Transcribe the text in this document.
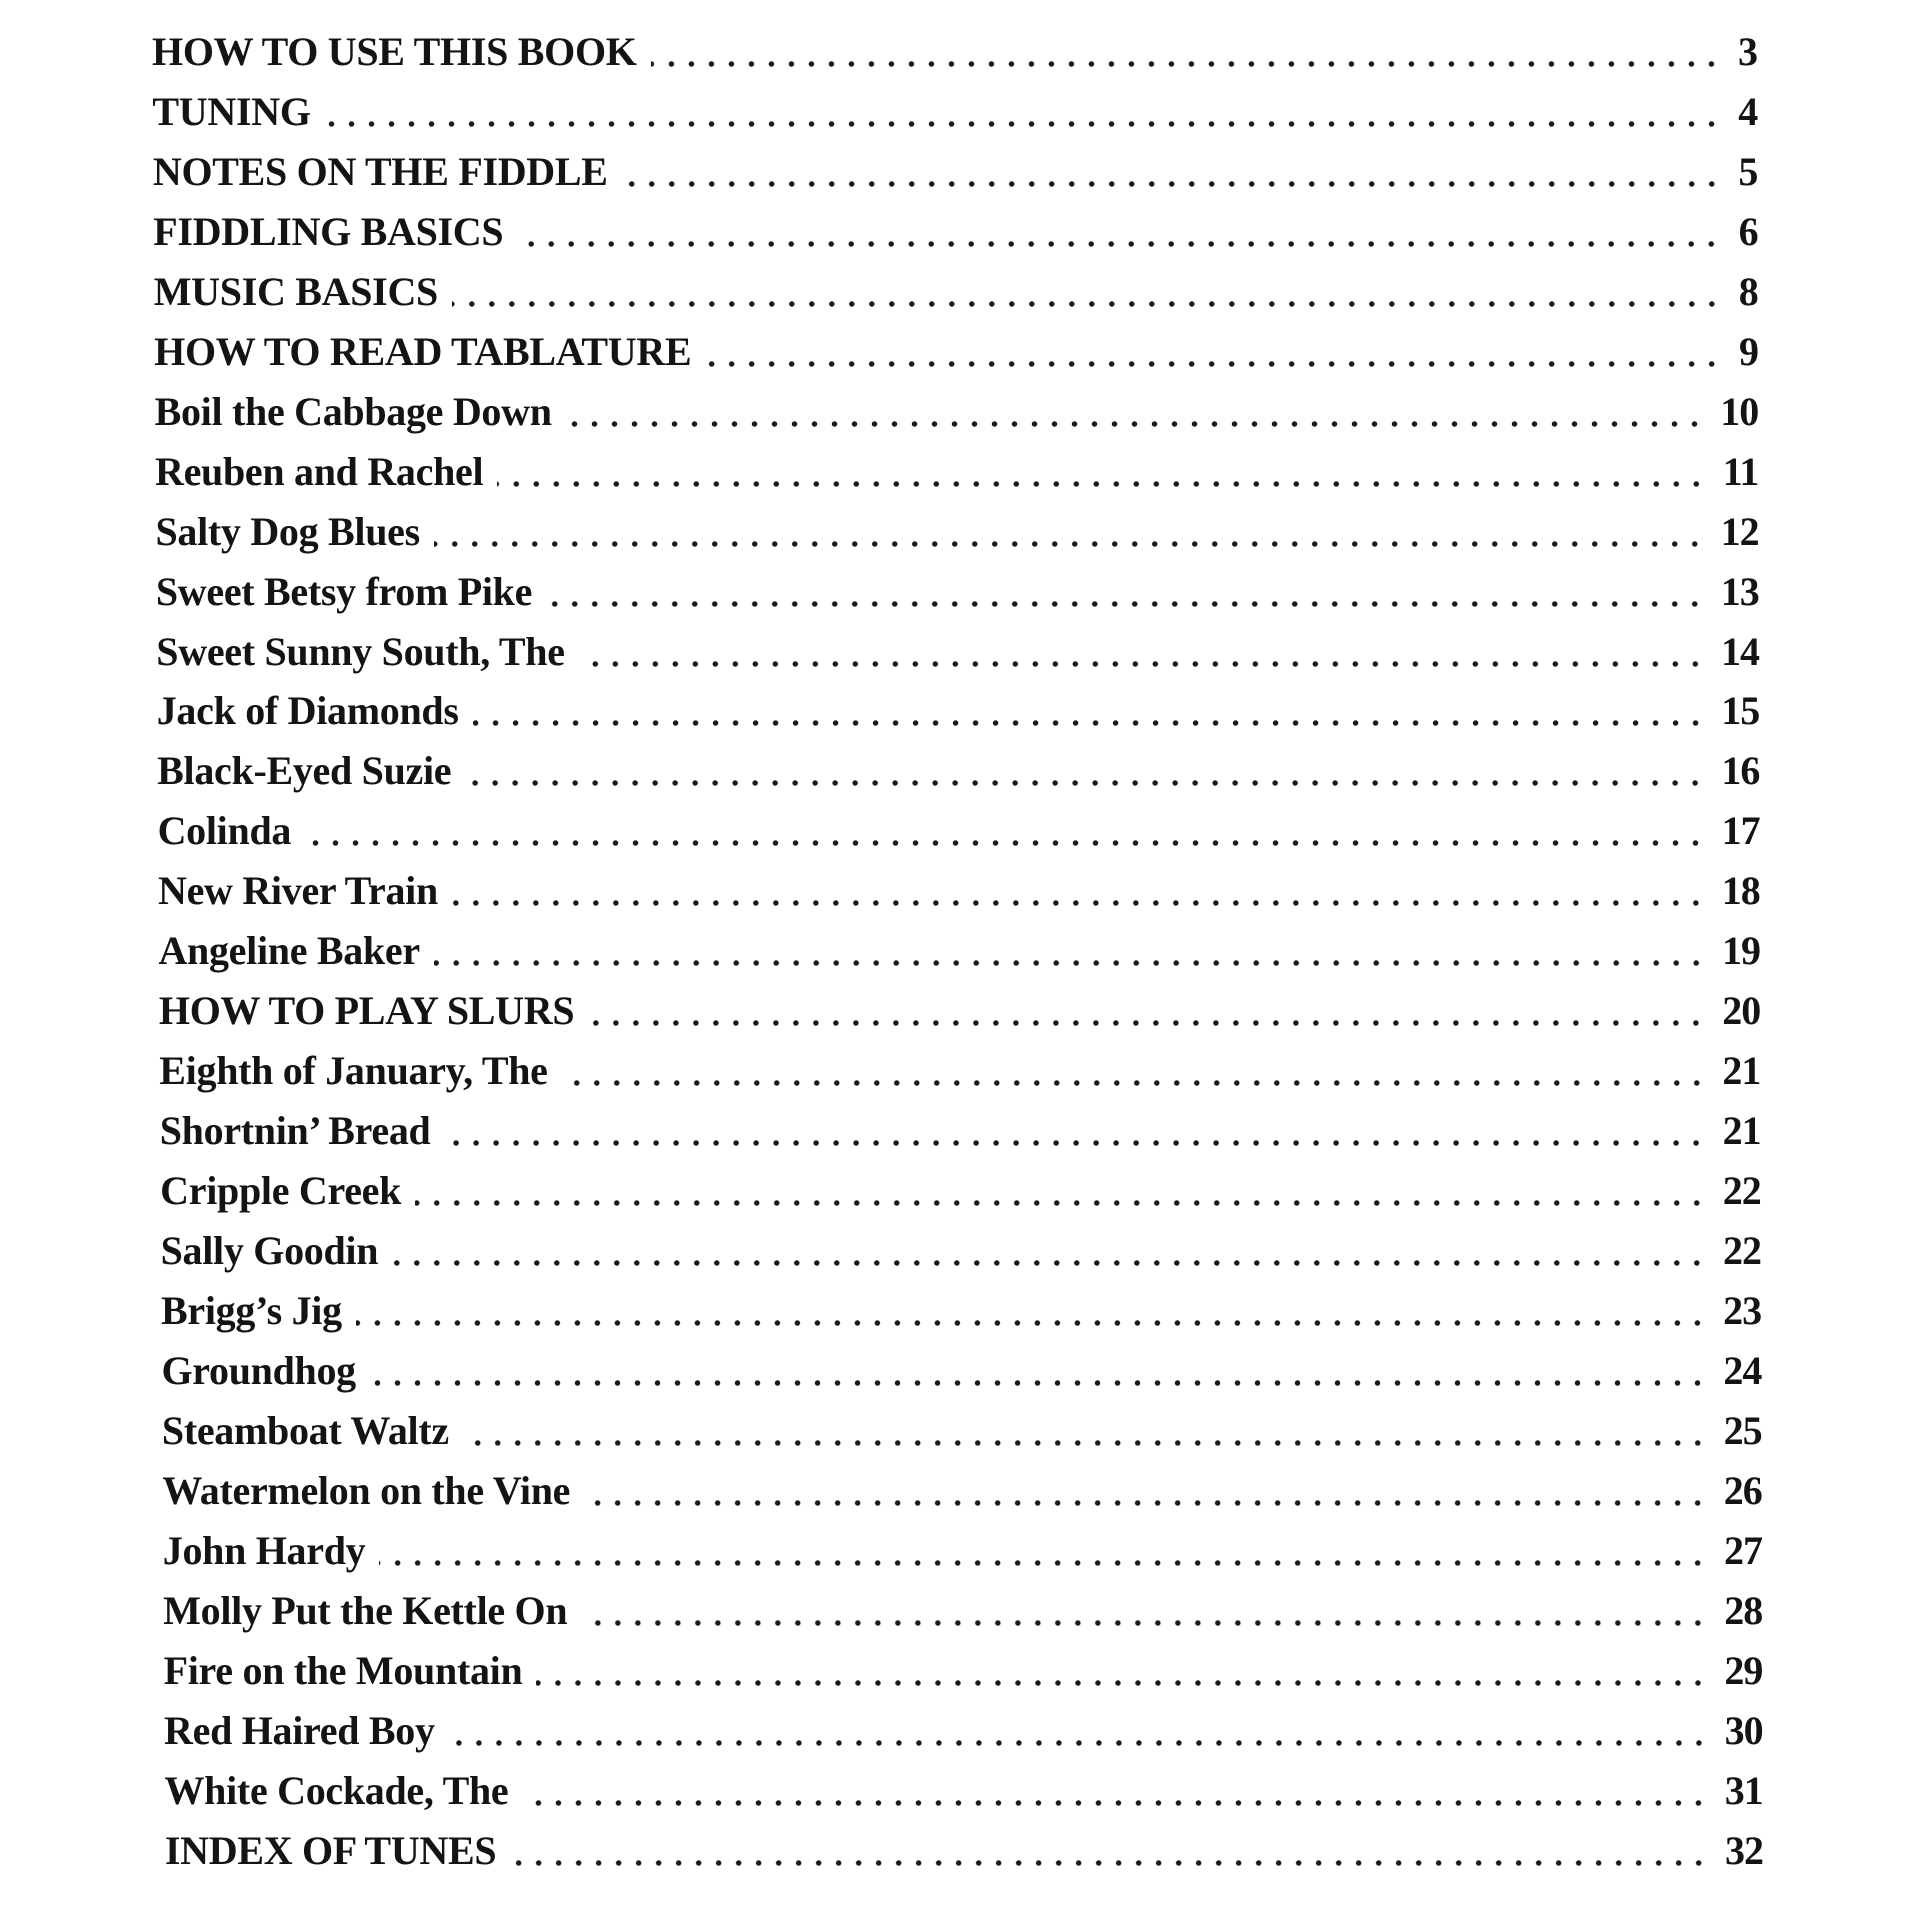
HOW TO USE THIS BOOK	3
TUNING	4
NOTES ON THE FIDDLE	5
FIDDLING BASICS	6
MUSIC BASICS	8
HOW TO READ TABLATURE	9
Boil the Cabbage Down	10
Reuben and Rachel	11
Salty Dog Blues	12
Sweet Betsy from Pike	13
Sweet Sunny South, The	14
Jack of Diamonds	15
Black-Eyed Suzie	16
Colinda	17
New River Train	18
Angeline Baker	19
HOW TO PLAY SLURS	20
Eighth of January, The	21
Shortnin’ Bread	21
Cripple Creek	22
Sally Goodin	22
Brigg’s Jig	23
Groundhog	24
Steamboat Waltz	25
Watermelon on the Vine	26
John Hardy	27
Molly Put the Kettle On	28
Fire on the Mountain	29
Red Haired Boy	30
White Cockade, The	31
INDEX OF TUNES	32
